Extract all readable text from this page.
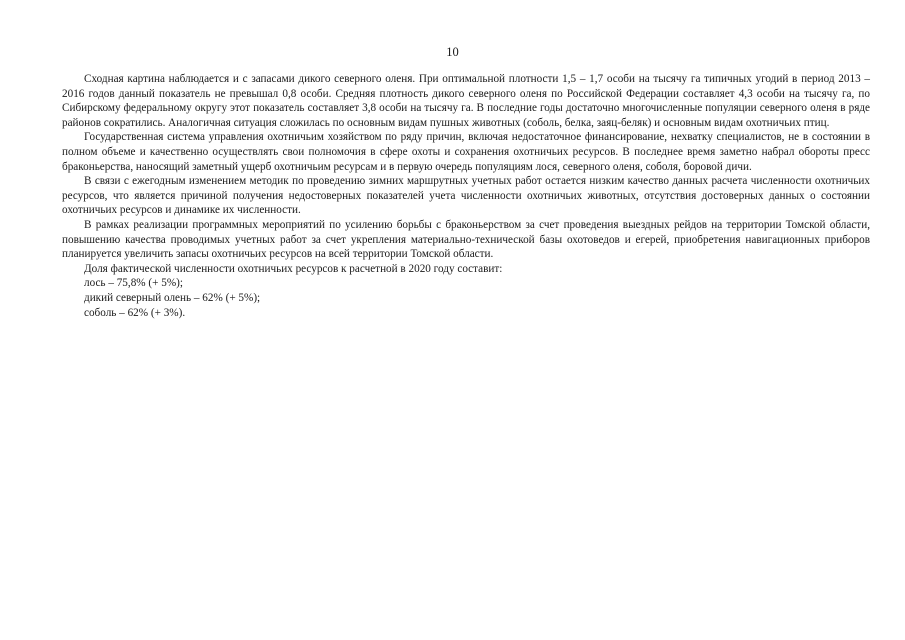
10

Сходная картина наблюдается и с запасами дикого северного оленя. При оптимальной плотности 1,5 – 1,7 особи на тысячу га типичных угодий в период 2013 – 2016 годов данный показатель не превышал 0,8 особи. Средняя плотность дикого северного оленя по Российской Федерации составляет 4,3 особи на тысячу га, по Сибирскому федеральному округу этот показатель составляет 3,8 особи на тысячу га. В последние годы достаточно многочисленные популяции северного оленя в ряде районов сократились. Аналогичная ситуация сложилась по основным видам пушных животных (соболь, белка, заяц-беляк) и основным видам охотничьих птиц.

Государственная система управления охотничьим хозяйством по ряду причин, включая недостаточное финансирование, нехватку специалистов, не в состоянии в полном объеме и качественно осуществлять свои полномочия в сфере охоты и сохранения охотничьих ресурсов. В последнее время заметно набрал обороты пресс браконьерства, наносящий заметный ущерб охотничьим ресурсам и в первую очередь популяциям лося, северного оленя, соболя, боровой дичи.

В связи с ежегодным изменением методик по проведению зимних маршрутных учетных работ остается низким качество данных расчета численности охотничьих ресурсов, что является причиной получения недостоверных показателей учета численности охотничьих животных, отсутствия достоверных данных о состоянии охотничьих ресурсов и динамике их численности.

В рамках реализации программных мероприятий по усилению борьбы с браконьерством за счет проведения выездных рейдов на территории Томской области, повышению качества проводимых учетных работ за счет укрепления материально-технической базы охотоведов и егерей, приобретения навигационных приборов планируется увеличить запасы охотничьих ресурсов на всей территории Томской области.

Доля фактической численности охотничьих ресурсов к расчетной в 2020 году составит:

лось – 75,8% (+ 5%);

дикий северный олень – 62% (+ 5%);

соболь – 62% (+ 3%).
